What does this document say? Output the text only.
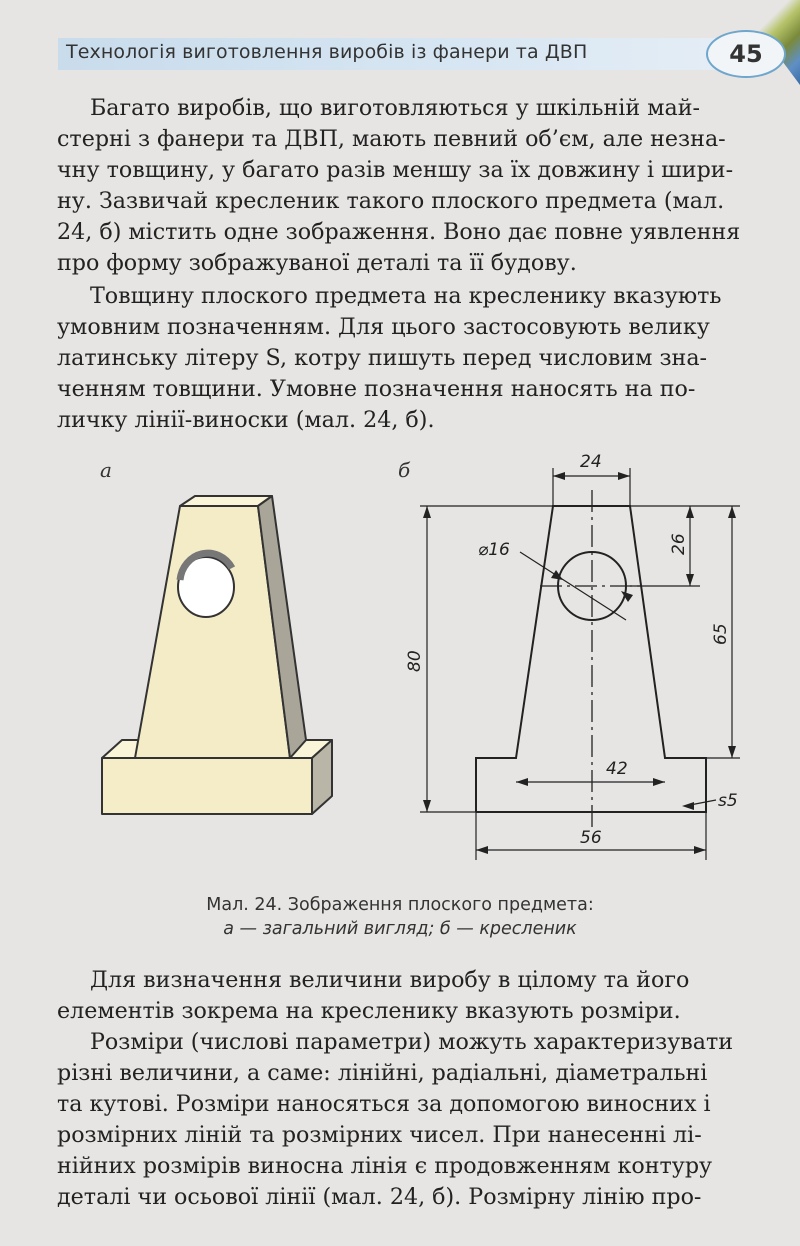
Технологія виготовлення виробів із фанери та ДВП	45
Багато виробів, що виготовляються у шкільній май-
стерні з фанери та ДВП, мають певний об’єм, але незна-
чну товщину, у багато разів меншу за їх довжину і шири-
ну. Зазвичай кресленик такого плоского предмета (мал.
24, б) містить одне зображення. Воно дає повне уявлення
про форму зображуваної деталі та її будову.
Товщину плоского предмета на кресленику вказують
умовним позначенням. Для цього застосовують велику
латинську літеру S, котру пишуть перед числовим зна-
ченням товщини. Умовне позначення наносять на по-
личку лінії-виноски (мал. 24, б).
а	б	24
⌀16	26
80
65
42
s5
56
Мал. 24. Зображення плоского предмета:
а — загальний вигляд; б — кресленик
Для визначення величини виробу в цілому та його
елементів зокрема на кресленику вказують розміри.
Розміри (числові параметри) можуть характеризувати
різні величини, а саме: лінійні, радіальні, діаметральні
та кутові. Розміри наносяться за допомогою виносних і
розмірних ліній та розмірних чисел. При нанесенні лі-
нійних розмірів виносна лінія є продовженням контуру
деталі чи осьової лінії (мал. 24, б). Розмірну лінію про-
